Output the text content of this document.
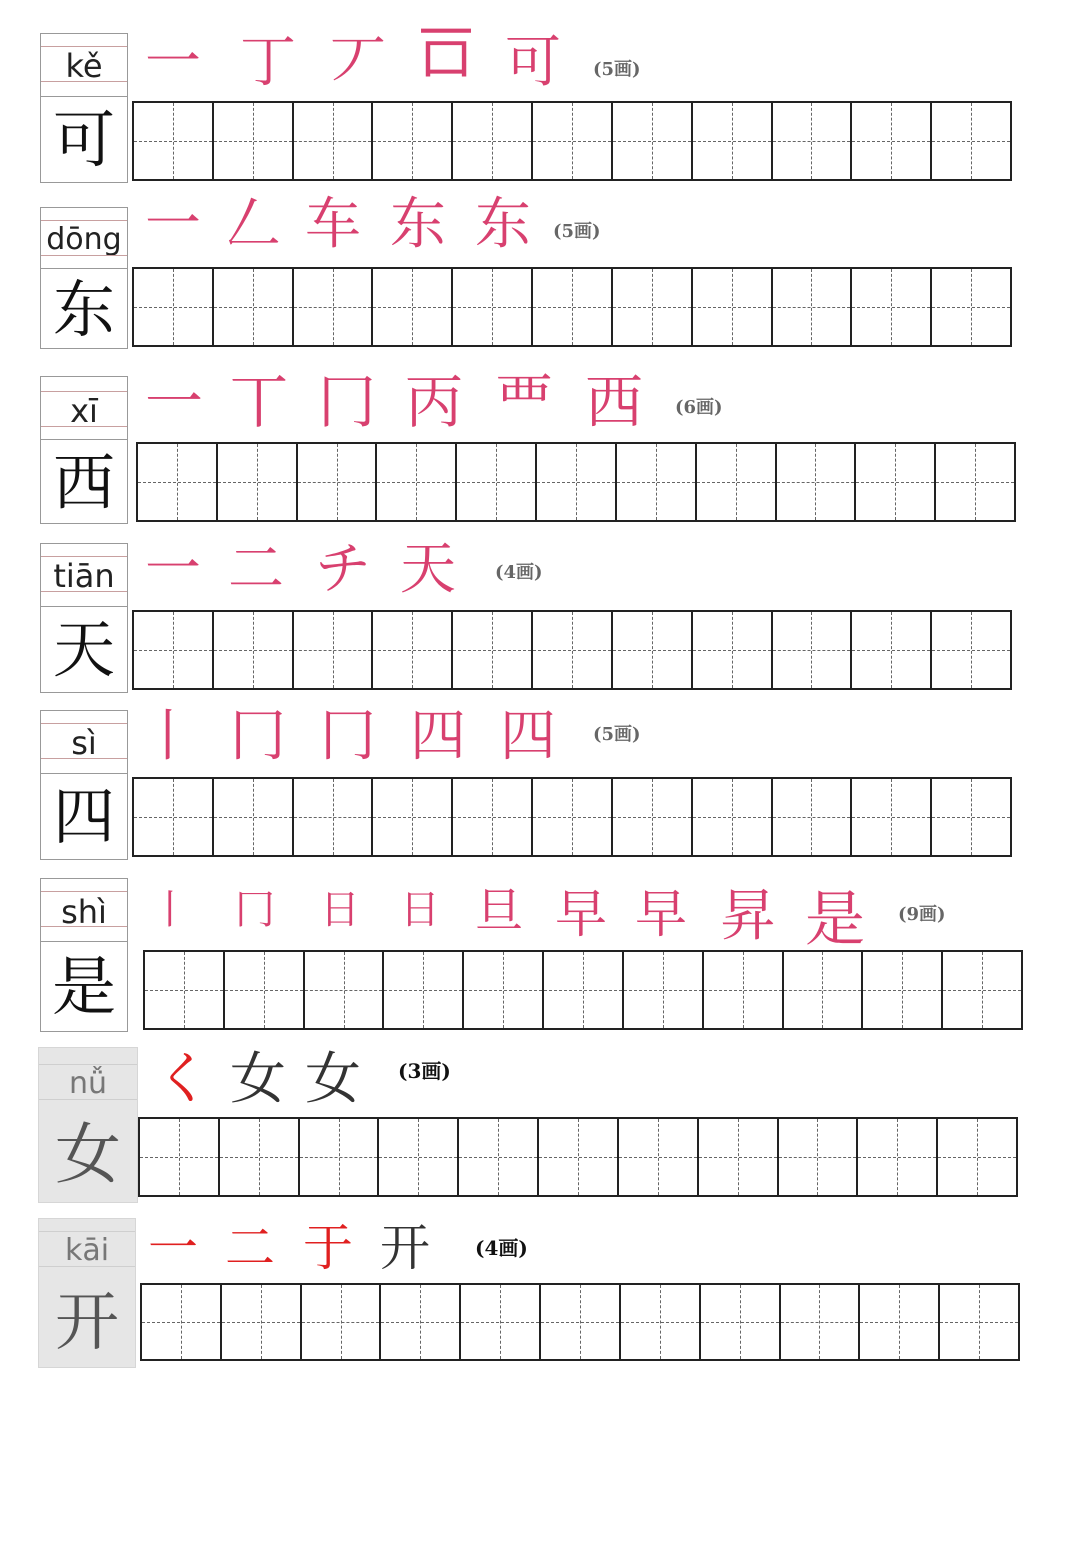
kě
可
一 丁 丆 𠮛 可 (5画)
dōng
东
一 𠃋 车 东 东 (5画)
xī
西
一 丅 冂 丙 覀 西 (6画)
tiān
天
一 二 チ 天 (4画)
sì
四
丨 冂 冂 四 四 (5画)
shì
是
丨 冂 日 日 旦 早 早 昇 是 (9画)
nǚ
女
く 女 女 (3画)
kāi
开
一 二 于 开 (4画)
